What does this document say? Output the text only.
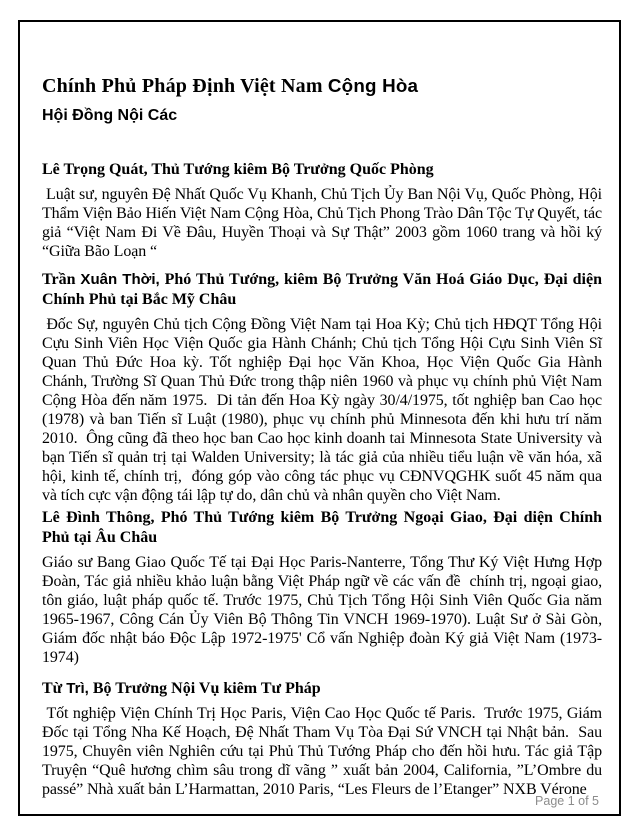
Chính Phủ Pháp Định Việt Nam Cộng Hòa
Hội Đồng Nội Các
Lê Trọng Quát, Thủ Tướng kiêm Bộ Trưởng Quốc Phòng

Luật sư, nguyên Đệ Nhất Quốc Vụ Khanh, Chủ Tịch Ủy Ban Nội Vụ, Quốc Phòng, Hội Thẩm Viện Bảo Hiến Việt Nam Cộng Hòa, Chủ Tịch Phong Trào Dân Tộc Tự Quyết, tác giả “Việt Nam Đi Về Đâu, Huyền Thoại và Sự Thật” 2003 gồm 1060 trang và hồi ký “Giữa Bão Loạn “

Trần Xuân Thời, Phó Thủ Tướng, kiêm Bộ Trưởng Văn Hoá Giáo Dục, Đại diện Chính Phủ tại Bắc Mỹ Châu

Đốc Sự, nguyên Chủ tịch Cộng Đồng Việt Nam tại Hoa Kỳ; Chủ tịch HĐQT Tổng Hội Cựu Sinh Viên Học Viện Quốc gia Hành Chánh; Chủ tịch Tổng Hội Cựu Sinh Viên Sĩ Quan Thủ Đức Hoa kỳ. Tốt nghiệp Đại học Văn Khoa, Học Viện Quốc Gia Hành Chánh, Trường Sĩ Quan Thủ Đức trong thập niên 1960 và phục vụ chính phủ Việt Nam Cộng Hòa đến năm 1975.  Di tản đến Hoa Kỳ ngày 30/4/1975, tốt nghiệp ban Cao học (1978) và ban Tiến sĩ Luật (1980), phục vụ chính phủ Minnesota đến khi hưu trí năm 2010.  Ông cũng đã theo học ban Cao học kinh doanh tai Minnesota State University và bạn Tiến sĩ quản trị tại Walden University; là tác giả của nhiều tiểu luận về văn hóa, xã hội, kinh tế, chính trị,  đóng góp vào công tác phục vụ CĐNVQGHK suốt 45 năm qua và tích cực vận động tái lập tự do, dân chủ và nhân quyền cho Việt Nam.

Lê Đình Thông, Phó Thủ Tướng kiêm Bộ Trưởng Ngoại Giao, Đại diện Chính Phủ tại Âu Châu

Giáo sư Bang Giao Quốc Tế tại Đại Học Paris-Nanterre, Tổng Thư Ký Việt Hưng Hợp Đoàn, Tác giả nhiều khảo luận bằng Việt Pháp ngữ về các vấn đề  chính trị, ngoại giao, tôn giáo, luật pháp quốc tế. Trước 1975, Chủ Tịch Tổng Hội Sinh Viên Quốc Gia năm 1965-1967, Công Cán Ủy Viên Bộ Thông Tin VNCH 1969-1970). Luật Sư ở Sài Gòn, Giám đốc nhật báo Độc Lập 1972-1975' Cổ vấn Nghiệp đoàn Ký giả Việt Nam (1973-1974)

Từ Trì, Bộ Trưởng Nội Vụ kiêm Tư Pháp

Tốt nghiệp Viện Chính Trị Học Paris, Viện Cao Học Quốc tế Paris.  Trước 1975, Giám Đốc tại Tổng Nha Kế Hoạch, Đệ Nhất Tham Vụ Tòa Đại Sứ VNCH tại Nhật bản.  Sau 1975, Chuyên viên Nghiên cứu tại Phủ Thủ Tướng Pháp cho đến hồi hưu. Tác giả Tập Truyện “Quê hương chìm sâu trong dĩ vãng ” xuất bản 2004, California, ”L’Ombre du passé” Nhà xuất bản L’Harmattan, 2010 Paris, “Les Fleurs de l’Etanger” NXB Vérone

Page 1 of 5
